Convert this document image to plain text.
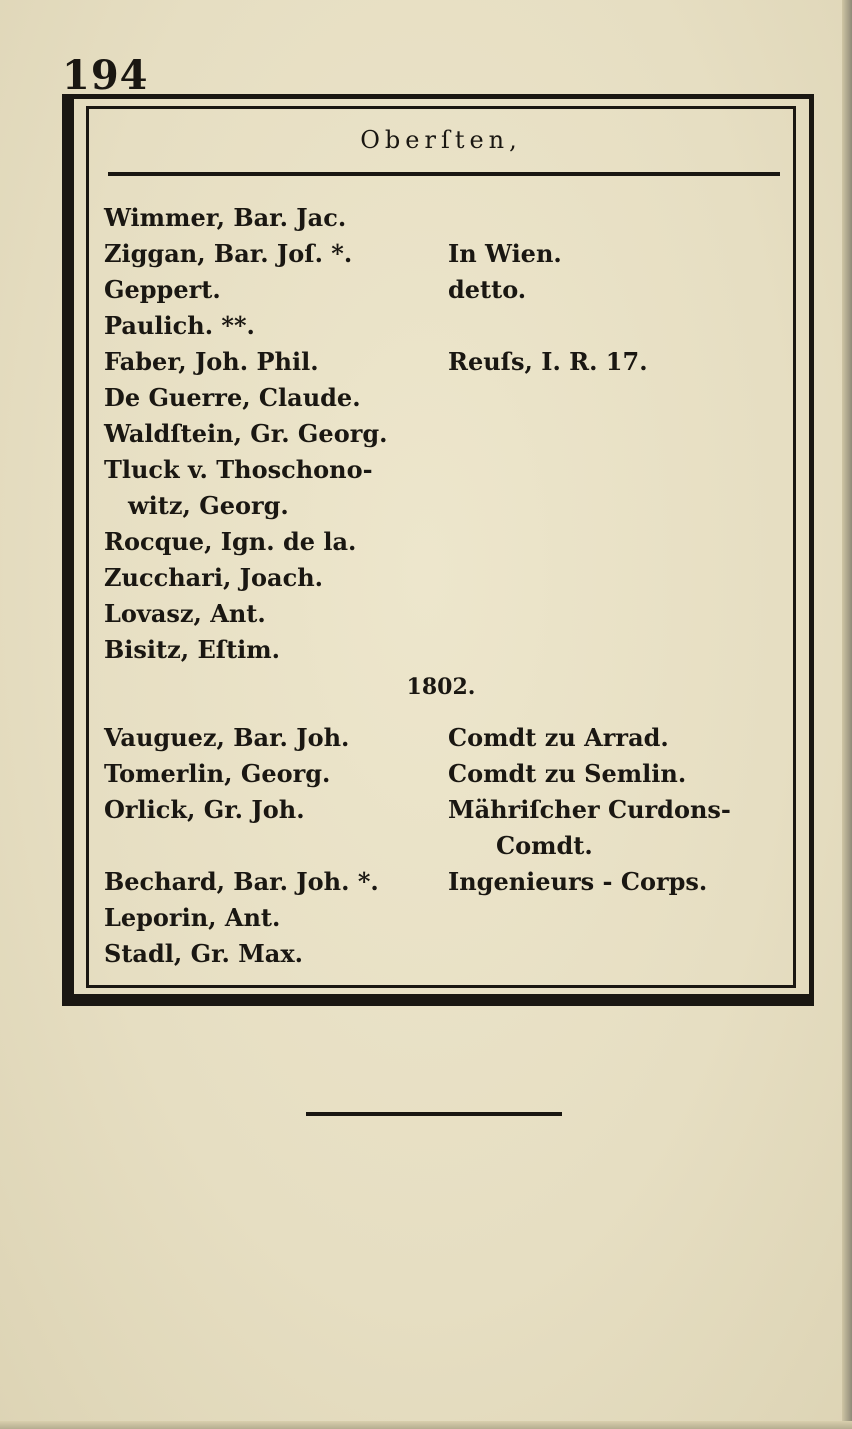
194
Oberſten,
Wimmer, Bar. Jac.
Ziggan, Bar. Joſ. *.	In Wien.
Geppert.	detto.
Paulich. **.
Faber, Joh. Phil.	Reuſs, I. R. 17.
De Guerre, Claude.
Waldſtein, Gr. Georg.
Tluck v. Thoschono-
witz, Georg.
Rocque, Ign. de la.
Zucchari, Joach.
Lovasz, Ant.
Bisitz, Eſtim.
1802.
Vauguez, Bar. Joh.	Comdt zu Arrad.
Tomerlin, Georg.	Comdt zu Semlin.
Orlick, Gr. Joh.	Mähriſcher Curdons-
Comdt.
Bechard, Bar. Joh. *.	Ingenieurs - Corps.
Leporin, Ant.
Stadl, Gr. Max.
